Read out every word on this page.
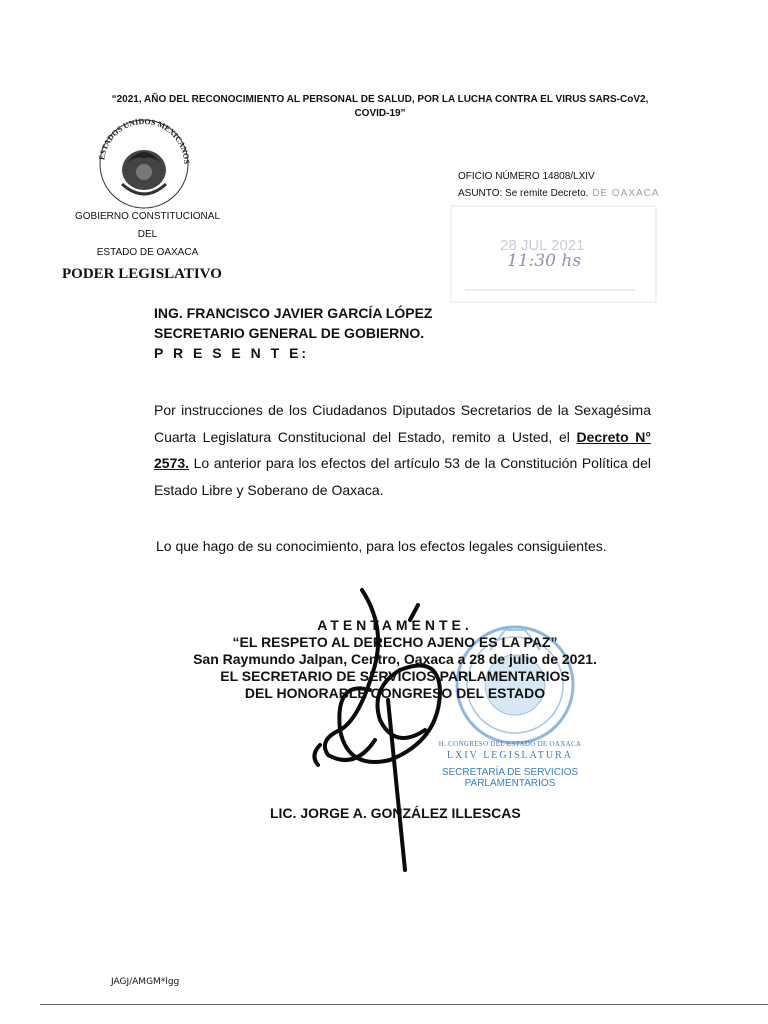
“2021, AÑO DEL RECONOCIMIENTO AL PERSONAL DE SALUD, POR LA LUCHA CONTRA EL VIRUS SARS-CoV2,
COVID-19”
ESTADOS UNIDOS MEXICANOS
GOBIERNO CONSTITUCIONAL
DEL
ESTADO DE OAXACA
PODER LEGISLATIVO
OFICIO NÚMERO 14808/LXIV
ASUNTO: Se remite Decreto. DE OAXACA
28 JUL 2021
11:30 hs
ING. FRANCISCO JAVIER GARCÍA LÓPEZ
SECRETARIO GENERAL DE GOBIERNO.
P R E S E N T E:
Por instrucciones de los Ciudadanos Diputados Secretarios de la Sexagésima Cuarta Legislatura Constitucional del Estado, remito a Usted, el Decreto N° 2573. Lo anterior para los efectos del artículo 53 de la Constitución Política del Estado Libre y Soberano de Oaxaca.
Lo que hago de su conocimiento, para los efectos legales consiguientes.
ATENTAMENTE.
“EL RESPETO AL DERECHO AJENO ES LA PAZ”
San Raymundo Jalpan, Centro, Oaxaca a 28 de julio de 2021.
EL SECRETARIO DE SERVICIOS PARLAMENTARIOS
DEL HONORABLE CONGRESO DEL ESTADO
H. CONGRESO DEL ESTADO DE OAXACA
LXIV LEGISLATURA
SECRETARÍA DE SERVICIOS
PARLAMENTARIOS
LIC. JORGE A. GONZÁLEZ ILLESCAS
JAGJ/AMGM*lgg
